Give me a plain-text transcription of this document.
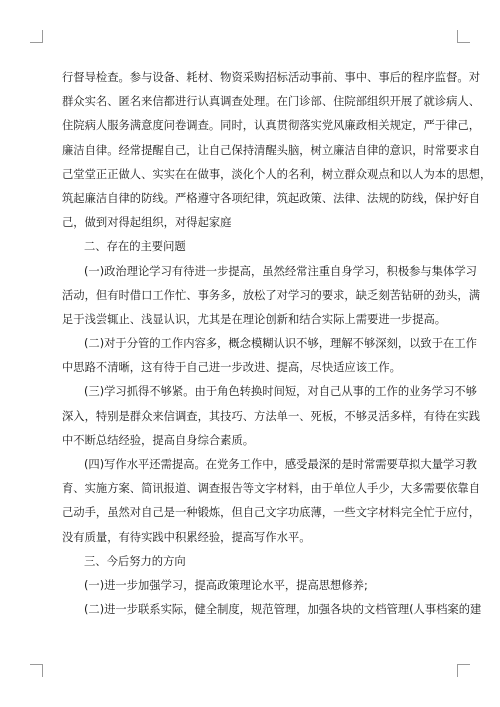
行督导检查。参与设备、耗材、物资采购招标活动事前、事中、事后的程序监督。对
群众实名、匿名来信都进行认真调查处理。在门诊部、住院部组织开展了就诊病人、
住院病人服务满意度问卷调查。同时，认真贯彻落实党风廉政相关规定，严于律己，
廉洁自律。经常提醒自己，让自己保持清醒头脑，树立廉洁自律的意识，时常要求自
己堂堂正正做人、实实在在做事，淡化个人的名利，树立群众观点和以人为本的思想，
筑起廉洁自律的防线。严格遵守各项纪律，筑起政策、法律、法规的防线，保护好自
己，做到对得起组织，对得起家庭
二、存在的主要问题
(一)政治理论学习有待进一步提高，虽然经常注重自身学习，积极参与集体学习
活动，但有时借口工作忙、事务多，放松了对学习的要求，缺乏刻苦钻研的劲头，满
足于浅尝辄止、浅显认识，尤其是在理论创新和结合实际上需要进一步提高。
(二)对于分管的工作内容多，概念模糊认识不够，理解不够深刻，以致于在工作
中思路不清晰，这有待于自己进一步改进、提高，尽快适应该工作。
(三)学习抓得不够紧。由于角色转换时间短，对自己从事的工作的业务学习不够
深入，特别是群众来信调查，其技巧、方法单一、死板，不够灵活多样，有待在实践
中不断总结经验，提高自身综合素质。
(四)写作水平还需提高。在党务工作中，感受最深的是时常需要草拟大量学习教
育、实施方案、简讯报道、调查报告等文字材料，由于单位人手少，大多需要依靠自
己动手，虽然对自己是一种锻炼，但自己文字功底薄，一些文字材料完全忙于应付，
没有质量，有待实践中积累经验，提高写作水平。
三、今后努力的方向
(一)进一步加强学习，提高政策理论水平，提高思想修养;
(二)进一步联系实际，健全制度，规范管理，加强各块的文档管理(人事档案的建
